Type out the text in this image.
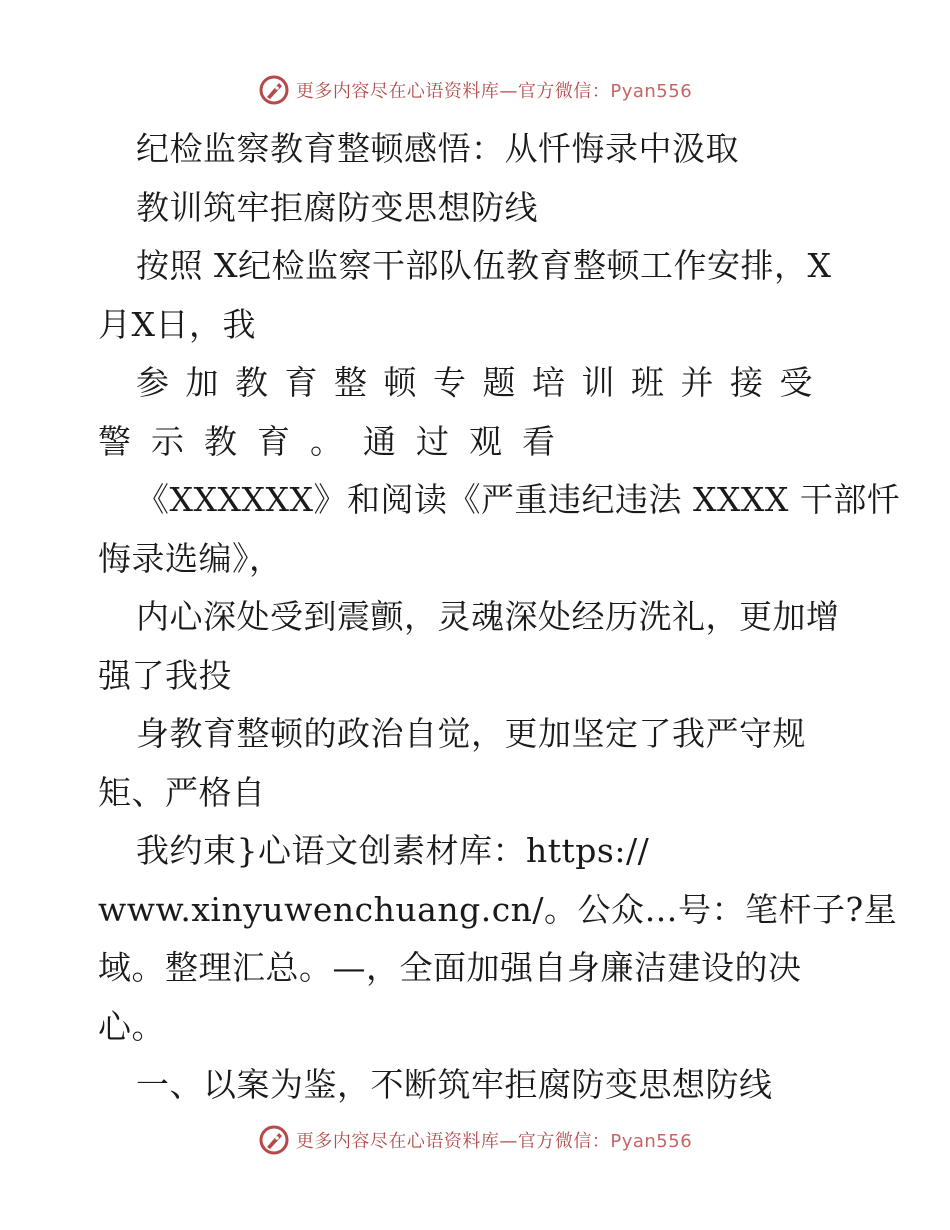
更多内容尽在心语资料库—官方微信：Pyan556
纪检监察教育整顿感悟：从忏悔录中汲取
教训筑牢拒腐防变思想防线
按照 X纪检监察干部队伍教育整顿工作安排，X
月X日，我
参加教育整顿专题培训班并接受
警示教育。通过观看
《XXXXXX》和阅读《严重违纪违法 XXXX 干部忏
悔录选编》，
内心深处受到震颤，灵魂深处经历洗礼，更加增
强了我投
身教育整顿的政治自觉，更加坚定了我严守规
矩、严格自
我约束}心语文创素材库：https://
www.xinyuwenchuang.cn/。公众…号：笔杆子?星
域。整理汇总。—，全面加强自身廉洁建设的决
心。
一、以案为鉴，不断筑牢拒腐防变思想防线
更多内容尽在心语资料库—官方微信：Pyan556
